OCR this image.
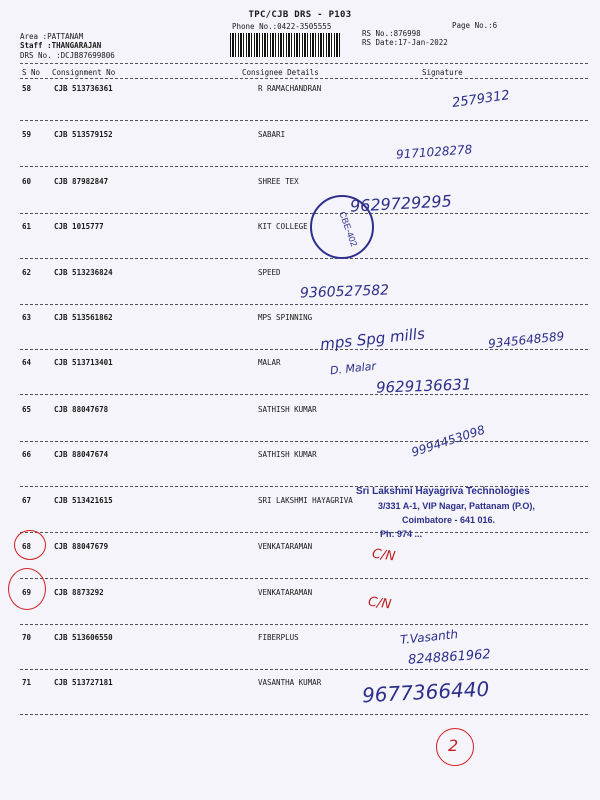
TPC/CJB DRS - P103
Phone No.:0422-3505555
Area :PATTANAM
Staff :THANGARAJAN
DRS No. :DCJB87699806
RS No.:876998
RS Date:17-Jan-2022
Page No.:6
S No Consignment No	Consignee Details	Signature
58	CJB 513736361	R RAMACHANDRAN
59	CJB 513579152	SABARI
60	CJB 87982847	SHREE TEX
61	CJB 1015777	KIT COLLEGE
62	CJB 513236824	SPEED
63	CJB 513561862	MPS SPINNING
64	CJB 513713401	MALAR
65	CJB 88047678	SATHISH KUMAR
66	CJB 88047674	SATHISH KUMAR
67	CJB 513421615	SRI LAKSHMI HAYAGRIVA
68	CJB 88047679	VENKATARAMAN
69	CJB 8873292	VENKATARAMAN
70	CJB 513606550	FIBERPLUS
71	CJB 513727181	VASANTHA KUMAR
2579312
9171028278
9629729295
9360527582
mps Spg mills	9345648589
D. Malar
9629136631
9994453098
C/N
C/N
T.Vasanth
8248861962
9677366440
CBE-402
Sri Lakshmi Hayagriva Technologies
3/331 A-1, VIP Nagar, Pattanam (P.O),
Coimbatore - 641 016.
Ph: 974 ...
2
